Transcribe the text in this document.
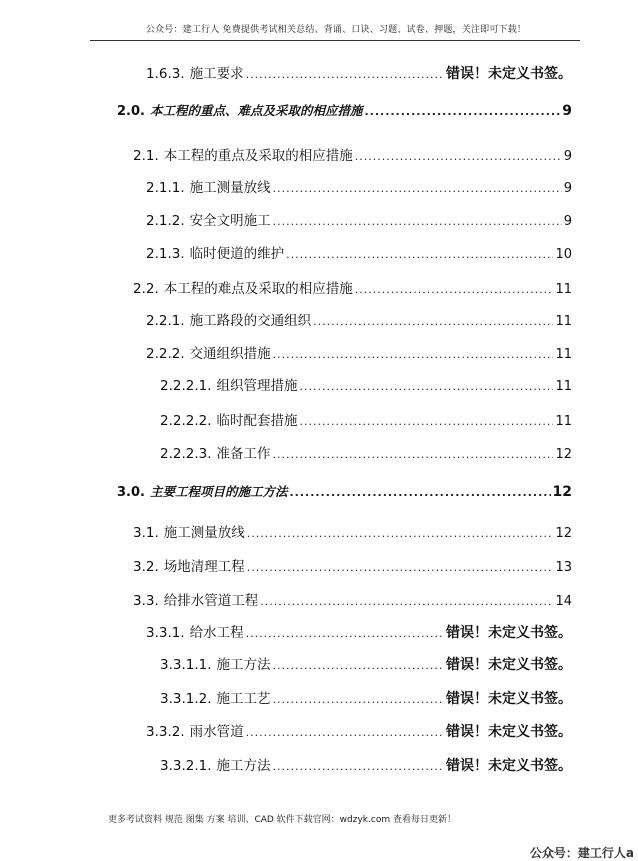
公众号：建工行人 免费提供考试相关总结、背诵、口诀、习题、试卷、押题，关注即可下载！
1.6.3. 施工要求 .....	错误！未定义书签。
2.0. 本工程的重点、难点及采取的相应措施 .....	9
2.1. 本工程的重点及采取的相应措施 .....	9
2.1.1. 施工测量放线 .....	9
2.1.2. 安全文明施工 .....	9
2.1.3. 临时便道的维护 .....	10
2.2. 本工程的难点及采取的相应措施 .....	11
2.2.1. 施工路段的交通组织 .....	11
2.2.2. 交通组织措施 .....	11
2.2.2.1. 组织管理措施 .....	11
2.2.2.2. 临时配套措施 .....	11
2.2.2.3. 准备工作 .....	12
3.0. 主要工程项目的施工方法 .....	12
3.1. 施工测量放线 .....	12
3.2. 场地清理工程 .....	13
3.3. 给排水管道工程 .....	14
3.3.1. 给水工程 .....	错误！未定义书签。
3.3.1.1. 施工方法 .....	错误！未定义书签。
3.3.1.2. 施工工艺 .....	错误！未定义书签。
3.3.2. 雨水管道 .....	错误！未定义书签。
3.3.2.1. 施工方法 .....	错误！未定义书签。
更多考试资料 规范 图集 方案 培训、CAD 软件下载官网：wdzyk.com 查看每日更新！
公众号：建工行人a
